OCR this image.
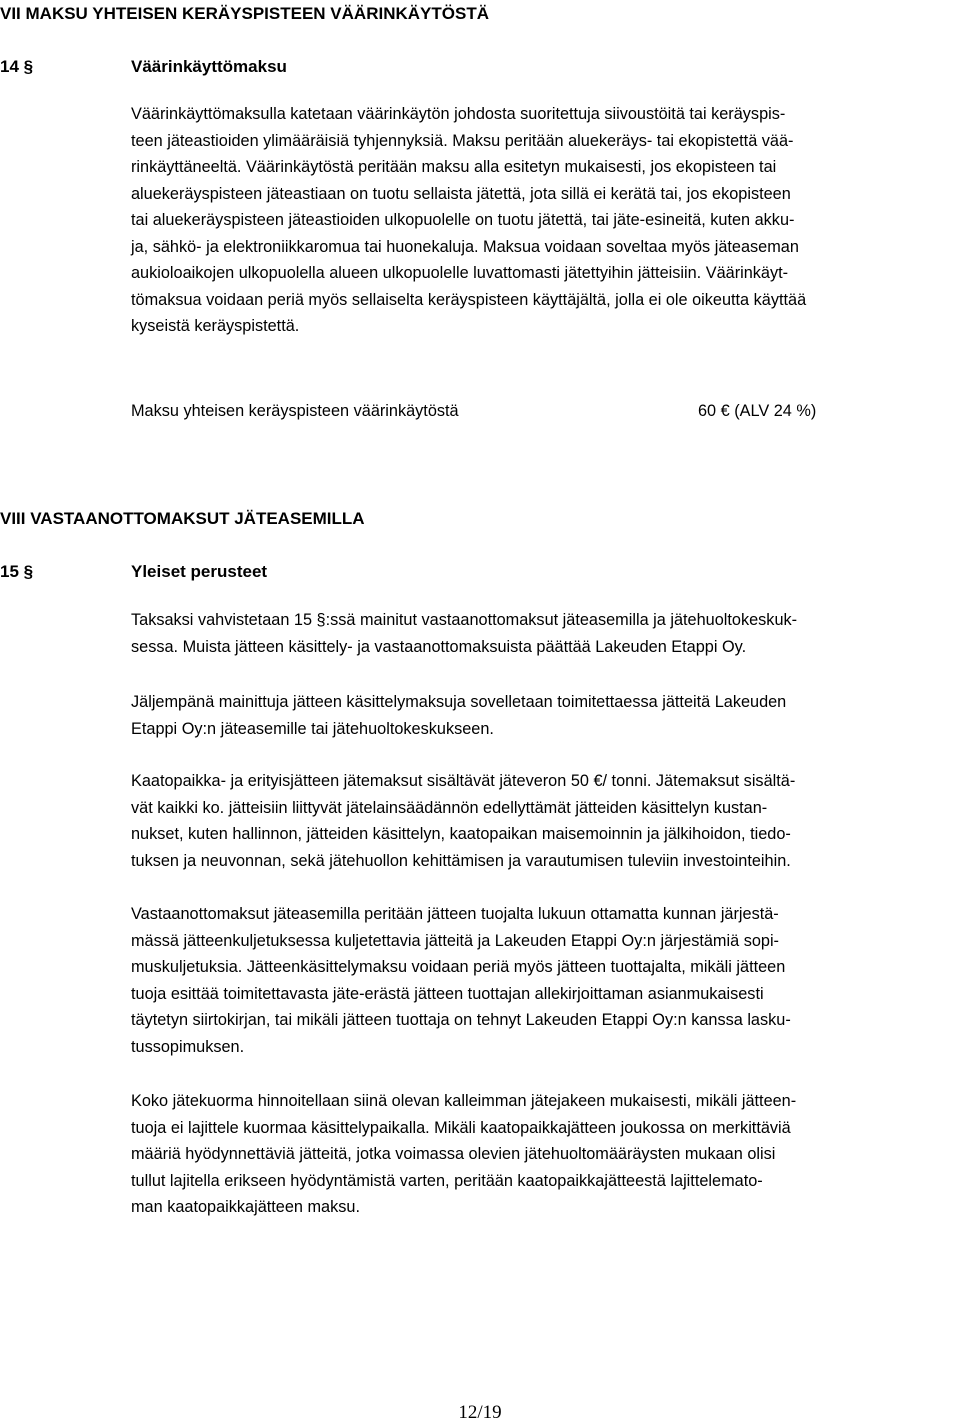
VII MAKSU YHTEISEN KERÄYSPISTEEN VÄÄRINKÄYTÖSTÄ
14 §	Väärinkäyttömaksu
Väärinkäyttömaksulla katetaan väärinkäytön johdosta suoritettuja siivoustöitä tai keräyspis-
teen jäteastioiden ylimääräisiä tyhjennyksiä. Maksu peritään aluekeräys- tai ekopistettä vää-
rinkäyttäneeltä. Väärinkäytöstä peritään maksu alla esitetyn mukaisesti, jos ekopisteen tai
aluekeräyspisteen jäteastiaan on tuotu sellaista jätettä, jota sillä ei kerätä tai, jos ekopisteen
tai aluekeräyspisteen jäteastioiden ulkopuolelle on tuotu jätettä, tai jäte-esineitä, kuten akku-
ja, sähkö- ja elektroniikkaromua tai huonekaluja. Maksua voidaan soveltaa myös jäteaseman
aukioloaikojen ulkopuolella alueen ulkopuolelle luvattomasti jätettyihin jätteisiin. Väärinkäyt-
tömaksua voidaan periä myös sellaiselta keräyspisteen käyttäjältä, jolla ei ole oikeutta käyttää
kyseistä keräyspistettä.
Maksu yhteisen keräyspisteen väärinkäytöstä	60 € (ALV 24 %)
VIII VASTAANOTTOMAKSUT JÄTEASEMILLA
15 §	Yleiset perusteet
Taksaksi vahvistetaan 15 §:ssä mainitut vastaanottomaksut jäteasemilla ja jätehuoltokeskuk-
sessa. Muista jätteen käsittely- ja vastaanottomaksuista päättää Lakeuden Etappi Oy.
Jäljempänä mainittuja jätteen käsittelymaksuja sovelletaan toimitettaessa jätteitä Lakeuden
Etappi Oy:n jäteasemille tai jätehuoltokeskukseen.
Kaatopaikka- ja erityisjätteen jätemaksut sisältävät jäteveron 50 €/ tonni. Jätemaksut sisältä-
vät kaikki ko. jätteisiin liittyvät jätelainsäädännön edellyttämät jätteiden käsittelyn kustan-
nukset, kuten hallinnon, jätteiden käsittelyn, kaatopaikan maisemoinnin ja jälkihoidon, tiedo-
tuksen ja neuvonnan, sekä jätehuollon kehittämisen ja varautumisen tuleviin investointeihin.
Vastaanottomaksut jäteasemilla peritään jätteen tuojalta lukuun ottamatta kunnan järjestä-
mässä jätteenkuljetuksessa kuljetettavia jätteitä ja Lakeuden Etappi Oy:n järjestämiä sopi-
muskuljetuksia. Jätteenkäsittelymaksu voidaan periä myös jätteen tuottajalta, mikäli jätteen
tuoja esittää toimitettavasta jäte-erästä jätteen tuottajan allekirjoittaman asianmukaisesti
täytetyn siirtokirjan, tai mikäli jätteen tuottaja on tehnyt Lakeuden Etappi Oy:n kanssa lasku-
tussopimuksen.
Koko jätekuorma hinnoitellaan siinä olevan kalleimman jätejakeen mukaisesti, mikäli jätteen-
tuoja ei lajittele kuormaa käsittelypaikalla. Mikäli kaatopaikkajätteen joukossa on merkittäviä
määriä hyödynnettäviä jätteitä, jotka voimassa olevien jätehuoltomääräysten mukaan olisi
tullut lajitella erikseen hyödyntämistä varten, peritään kaatopaikkajätteestä lajittelemato-
man kaatopaikkajätteen maksu.
12/19
